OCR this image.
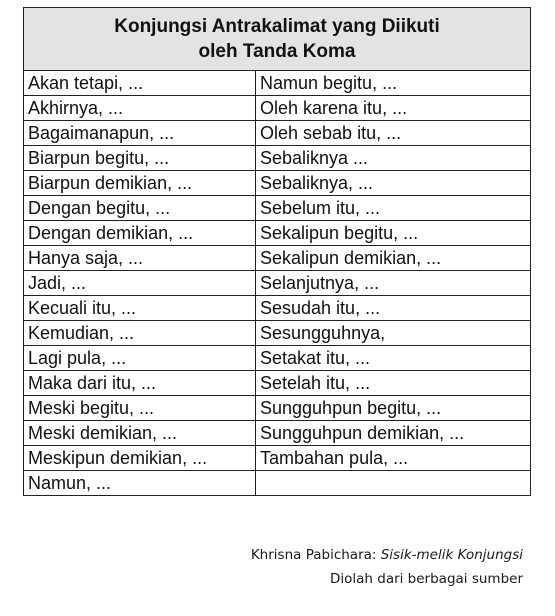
Konjungsi Antrakalimat yang Diikuti
oleh Tanda Koma	

Akan tetapi, ...	Namun begitu, ...
Akhirnya, ...	Oleh karena itu, ...
Bagaimanapun, ...	Oleh sebab itu, ...
Biarpun begitu, ...	Sebaliknya ...
Biarpun demikian, ...	Sebaliknya, ...
Dengan begitu, ...	Sebelum itu, ...
Dengan demikian, ...	Sekalipun begitu, ...
Hanya saja, ...	Sekalipun demikian, ...
Jadi, ...	Selanjutnya, ...
Kecuali itu, ...	Sesudah itu, ...
Kemudian, ...	Sesungguhnya,
Lagi pula, ...	Setakat itu, ...
Maka dari itu, ...	Setelah itu, ...
Meski begitu, ...	Sungguhpun begitu, ...
Meski demikian, ...	Sungguhpun demikian, ...
Meskipun demikian, ...	Tambahan pula, ...
Namun, ...	
Khrisna Pabichara: Sisik-melik Konjungsi
Diolah dari berbagai sumber
